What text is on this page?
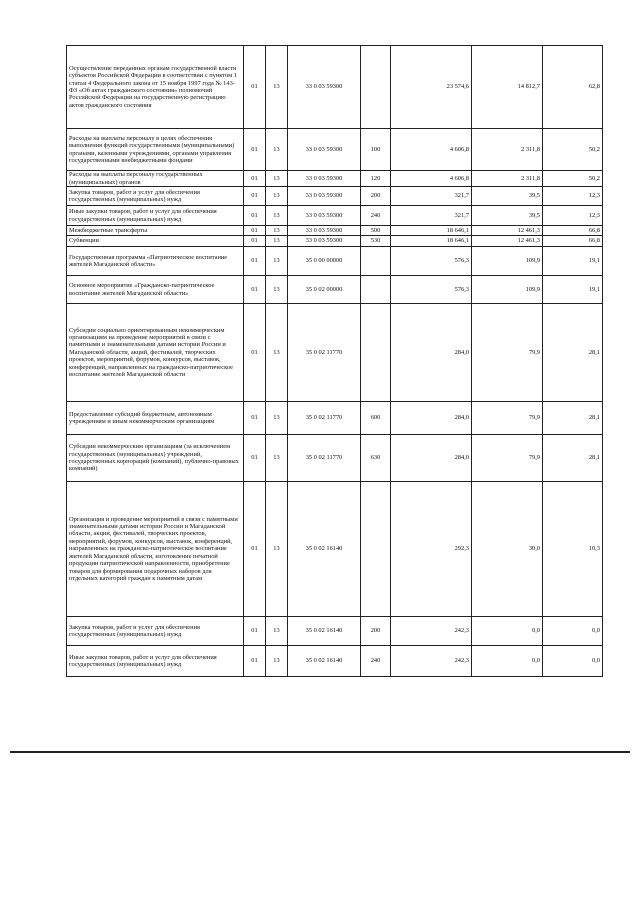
Осуществление переданных органам государственной власти субъектов Российской Федерации в соответствии с пунктом 1 статьи 4 Федерального закона от 15 ноября 1997 года № 143-ФЗ «Об актах гражданского состояния» полномочий Российской Федерации на государственную регистрацию актов гражданского состояния	01	13	33 0 03 59300		23 574,6	14 812,7	62,8
Расходы на выплаты персоналу в целях обеспечения выполнения функций государственными (муниципальными) органами, казенными учреждениями, органами управления государственными внебюджетными фондами	01	13	33 0 03 59300	100	4 606,8	2 311,8	50,2
Расходы на выплаты персоналу государственных (муниципальных) органов	01	13	33 0 03 59300	120	4 606,8	2 311,8	50,2
Закупка товаров, работ и услуг для обеспечения государственных (муниципальных) нужд	01	13	33 0 03 59300	200	321,7	39,5	12,3
Иные закупки товаров, работ и услуг для обеспечения государственных (муниципальных) нужд	01	13	33 0 03 59300	240	321,7	39,5	12,3
Межбюджетные трансферты	01	13	33 0 03 59300	500	18 646,1	12 461,3	66,8
Субвенции	01	13	33 0 03 59300	530	18 646,1	12 461,3	66,8
Государственная программа «Патриотическое воспитание жителей Магаданской области»	01	13	35 0 00 00000		576,3	109,9	19,1
Основное мероприятие «Гражданско-патриотическое воспитание жителей Магаданской области»	01	13	35 0 02 00000		576,3	109,9	19,1
Субсидии социально ориентированным некоммерческим организациям на проведение мероприятий в связи с памятными и знаменательными датами истории России и Магаданской области, акций, фестивалей, творческих проектов, мероприятий, форумов, конкурсов, выставок, конференций, направленных на гражданско-патриотическое воспитание жителей Магаданской области	01	13	35 0 02 11770		284,0	79,9	28,1
Предоставление субсидий бюджетным, автономным учреждениям и иным некоммерческим организациям	01	13	35 0 02 11770	600	284,0	79,9	28,1
Субсидии некоммерческим организациям (за исключением государственных (муниципальных) учреждений, государственных корпораций (компаний), публично-правовых компаний)	01	13	35 0 02 11770	630	284,0	79,9	28,1
Организация и проведение мероприятий в связи с памятными знаменательными датами истории России и Магаданской области, акции, фестивалей, творческих проектов, мероприятий, форумов, конкурсов, выставок, конференций, направленных на гражданско-патриотическое воспитание жителей Магаданской области, изготовление печатной продукции патриотической направленности, приобретение товаров для формирования подарочных наборов для отдельных категорий граждан к памятным датам	01	13	35 0 02 16140		292,3	30,0	10,3
Закупка товаров, работ и услуг для обеспечения государственных (муниципальных) нужд	01	13	35 0 02 16140	200	242,3	0,0	0,0
Иные закупки товаров, работ и услуг для обеспечения государственных (муниципальных) нужд	01	13	35 0 02 16140	240	242,3	0,0	0,0
